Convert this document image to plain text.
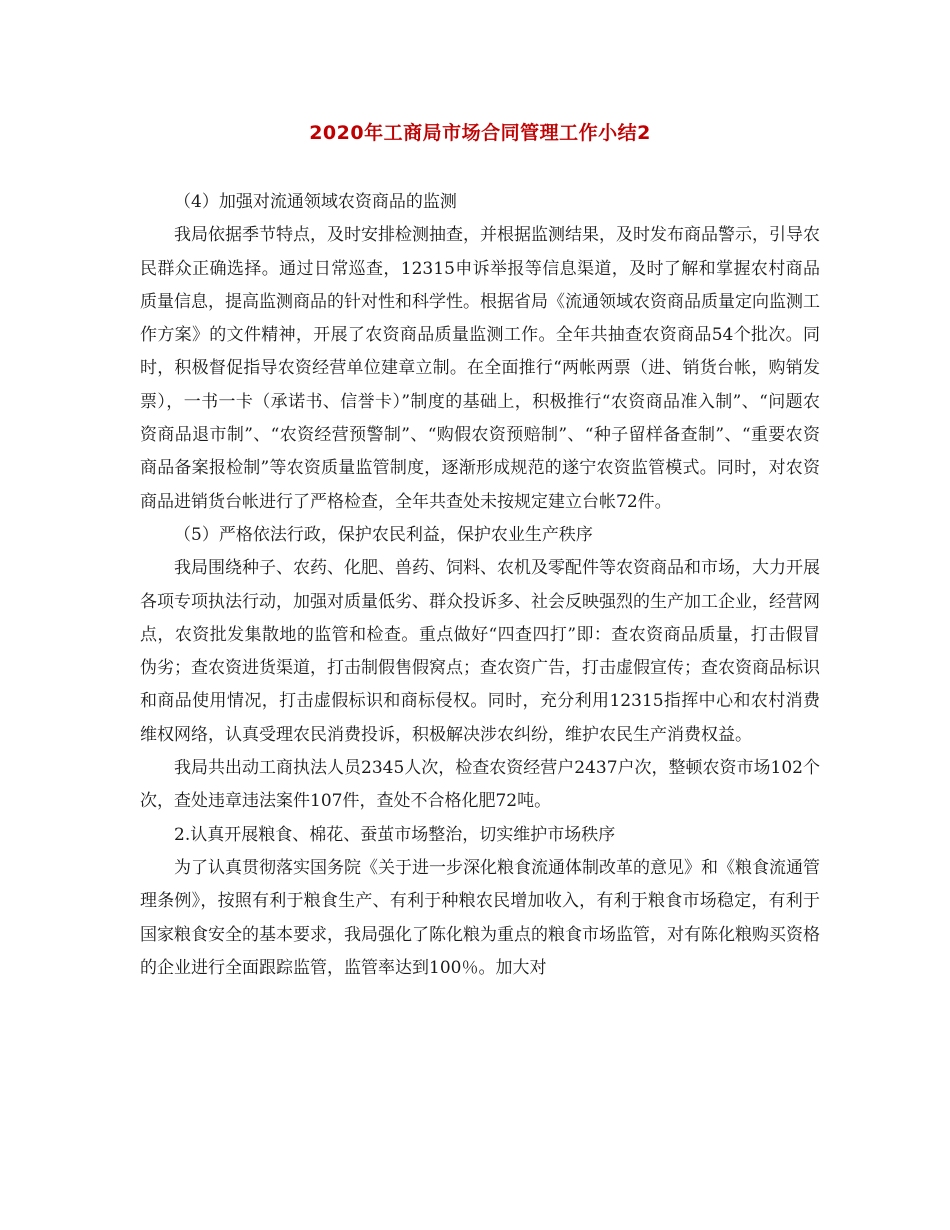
2020年工商局市场合同管理工作小结2

（4）加强对流通领域农资商品的监测

我局依据季节特点，及时安排检测抽查，并根据监测结果，及时发布商品警示，引导农民群众正确选择。通过日常巡查，12315申诉举报等信息渠道，及时了解和掌握农村商品质量信息，提高监测商品的针对性和科学性。根据省局《流通领域农资商品质量定向监测工作方案》的文件精神，开展了农资商品质量监测工作。全年共抽查农资商品54个批次。同时，积极督促指导农资经营单位建章立制。在全面推行“两帐两票（进、销货台帐，购销发票），一书一卡（承诺书、信誉卡）”制度的基础上，积极推行“农资商品准入制”、“问题农资商品退市制”、“农资经营预警制”、“购假农资预赔制”、“种子留样备查制”、“重要农资商品备案报检制”等农资质量监管制度，逐渐形成规范的遂宁农资监管模式。同时，对农资商品进销货台帐进行了严格检查，全年共查处未按规定建立台帐72件。

（5）严格依法行政，保护农民利益，保护农业生产秩序

我局围绕种子、农药、化肥、兽药、饲料、农机及零配件等农资商品和市场，大力开展各项专项执法行动，加强对质量低劣、群众投诉多、社会反映强烈的生产加工企业，经营网点，农资批发集散地的监管和检查。重点做好“四查四打”即：查农资商品质量，打击假冒伪劣；查农资进货渠道，打击制假售假窝点；查农资广告，打击虚假宣传；查农资商品标识和商品使用情况，打击虚假标识和商标侵权。同时，充分利用12315指挥中心和农村消费维权网络，认真受理农民消费投诉，积极解决涉农纠纷，维护农民生产消费权益。

我局共出动工商执法人员2345人次，检查农资经营户2437户次，整顿农资市场102个次，查处违章违法案件107件，查处不合格化肥72吨。

2.认真开展粮食、棉花、蚕茧市场整治，切实维护市场秩序

为了认真贯彻落实国务院《关于进一步深化粮食流通体制改革的意见》和《粮食流通管理条例》，按照有利于粮食生产、有利于种粮农民增加收入，有利于粮食市场稳定，有利于国家粮食安全的基本要求，我局强化了陈化粮为重点的粮食市场监管，对有陈化粮购买资格的企业进行全面跟踪监管，监管率达到100％。加大对
